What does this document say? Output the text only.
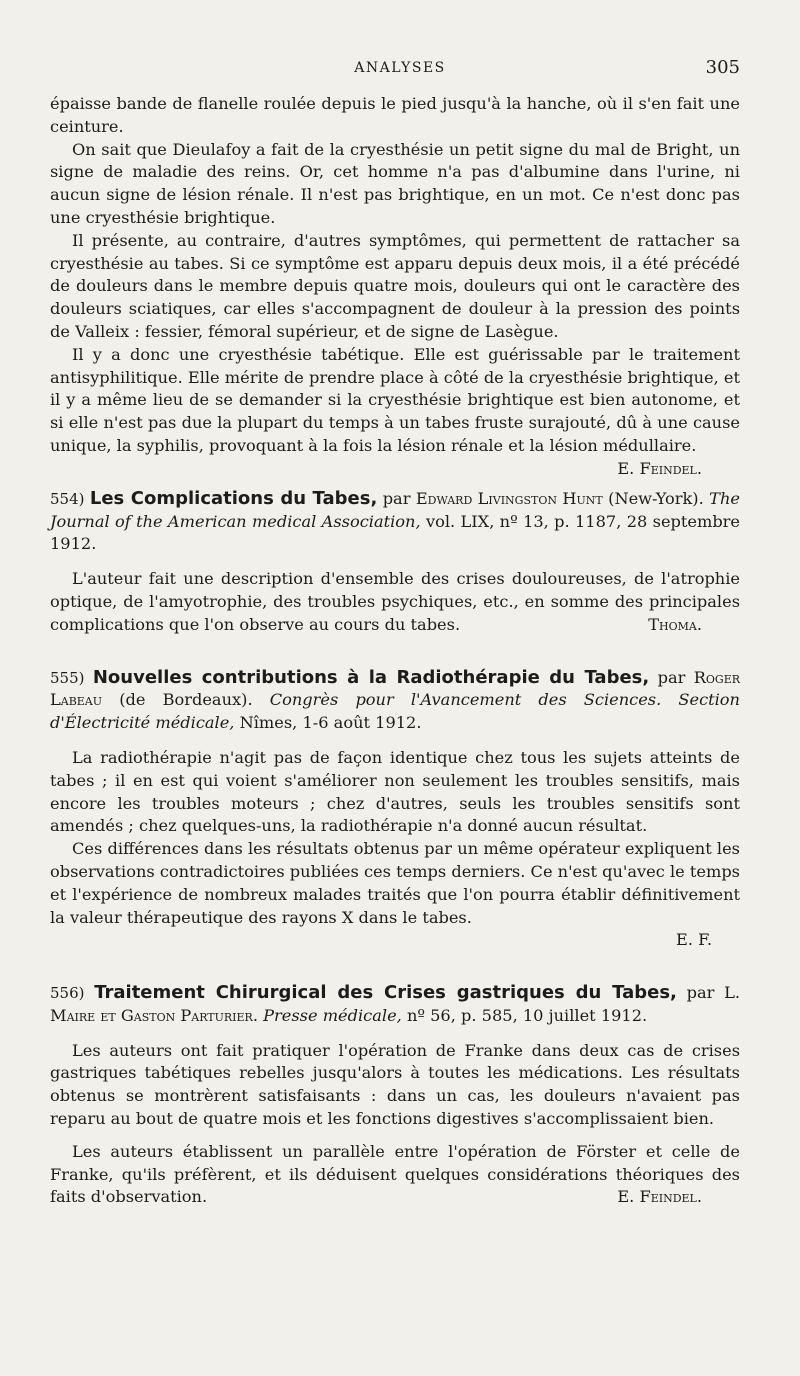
ANALYSES	305

épaisse bande de flanelle roulée depuis le pied jusqu'à la hanche, où il s'en fait une ceinture.

On sait que Dieulafoy a fait de la cryesthésie un petit signe du mal de Bright, un signe de maladie des reins. Or, cet homme n'a pas d'albumine dans l'urine, ni aucun signe de lésion rénale. Il n'est pas brightique, en un mot. Ce n'est donc pas une cryesthésie brightique.

Il présente, au contraire, d'autres symptômes, qui permettent de rattacher sa cryesthésie au tabes. Si ce symptôme est apparu depuis deux mois, il a été précédé de douleurs dans le membre depuis quatre mois, douleurs qui ont le caractère des douleurs sciatiques, car elles s'accompagnent de douleur à la pression des points de Valleix : fessier, fémoral supérieur, et de signe de Lasègue.

Il y a donc une cryesthésie tabétique. Elle est guérissable par le traitement antisyphilitique. Elle mérite de prendre place à côté de la cryesthésie brightique, et il y a même lieu de se demander si la cryesthésie brightique est bien autonome, et si elle n'est pas due la plupart du temps à un tabes fruste surajouté, dû à une cause unique, la syphilis, provoquant à la fois la lésion rénale et la lésion médullaire.
E. Feindel.

554) Les Complications du Tabes, par Edward Livingston Hunt (New-York). The Journal of the American medical Association, vol. LIX, nº 13, p. 1187, 28 septembre 1912.

L'auteur fait une description d'ensemble des crises douloureuses, de l'atrophie optique, de l'amyotrophie, des troubles psychiques, etc., en somme des principales complications que l'on observe au cours du tabes.	Thoma.

555) Nouvelles contributions à la Radiothérapie du Tabes, par Roger Labeau (de Bordeaux). Congrès pour l'Avancement des Sciences. Section d'Électricité médicale, Nîmes, 1-6 août 1912.

La radiothérapie n'agit pas de façon identique chez tous les sujets atteints de tabes ; il en est qui voient s'améliorer non seulement les troubles sensitifs, mais encore les troubles moteurs ; chez d'autres, seuls les troubles sensitifs sont amendés ; chez quelques-uns, la radiothérapie n'a donné aucun résultat.

Ces différences dans les résultats obtenus par un même opérateur expliquent les observations contradictoires publiées ces temps derniers. Ce n'est qu'avec le temps et l'expérience de nombreux malades traités que l'on pourra établir définitivement la valeur thérapeutique des rayons X dans le tabes.

E. F.

556) Traitement Chirurgical des Crises gastriques du Tabes, par L. Maire et Gaston Parturier. Presse médicale, nº 56, p. 585, 10 juillet 1912.

Les auteurs ont fait pratiquer l'opération de Franke dans deux cas de crises gastriques tabétiques rebelles jusqu'alors à toutes les médications. Les résultats obtenus se montrèrent satisfaisants : dans un cas, les douleurs n'avaient pas reparu au bout de quatre mois et les fonctions digestives s'accomplissaient bien.

Les auteurs établissent un parallèle entre l'opération de Förster et celle de Franke, qu'ils préfèrent, et ils déduisent quelques considérations théoriques des faits d'observation.	E. Feindel.
